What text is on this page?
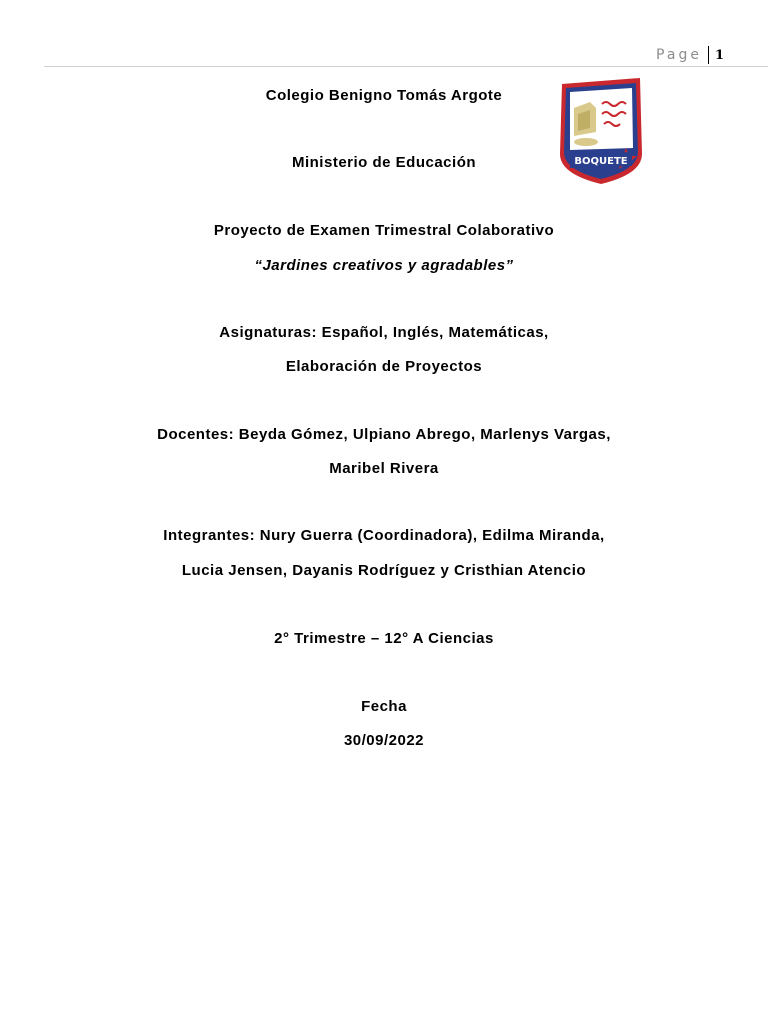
Page 1
BOQUETE
Colegio Benigno Tomás Argote
Ministerio de Educación
Proyecto de Examen Trimestral Colaborativo
“Jardines creativos y agradables”
Asignaturas: Español, Inglés, Matemáticas,
Elaboración de Proyectos
Docentes: Beyda Gómez, Ulpiano Abrego, Marlenys Vargas,
Maribel Rivera
Integrantes: Nury Guerra (Coordinadora), Edilma Miranda,
Lucia Jensen, Dayanis Rodríguez y Cristhian Atencio
2° Trimestre – 12° A Ciencias
Fecha
30/09/2022
